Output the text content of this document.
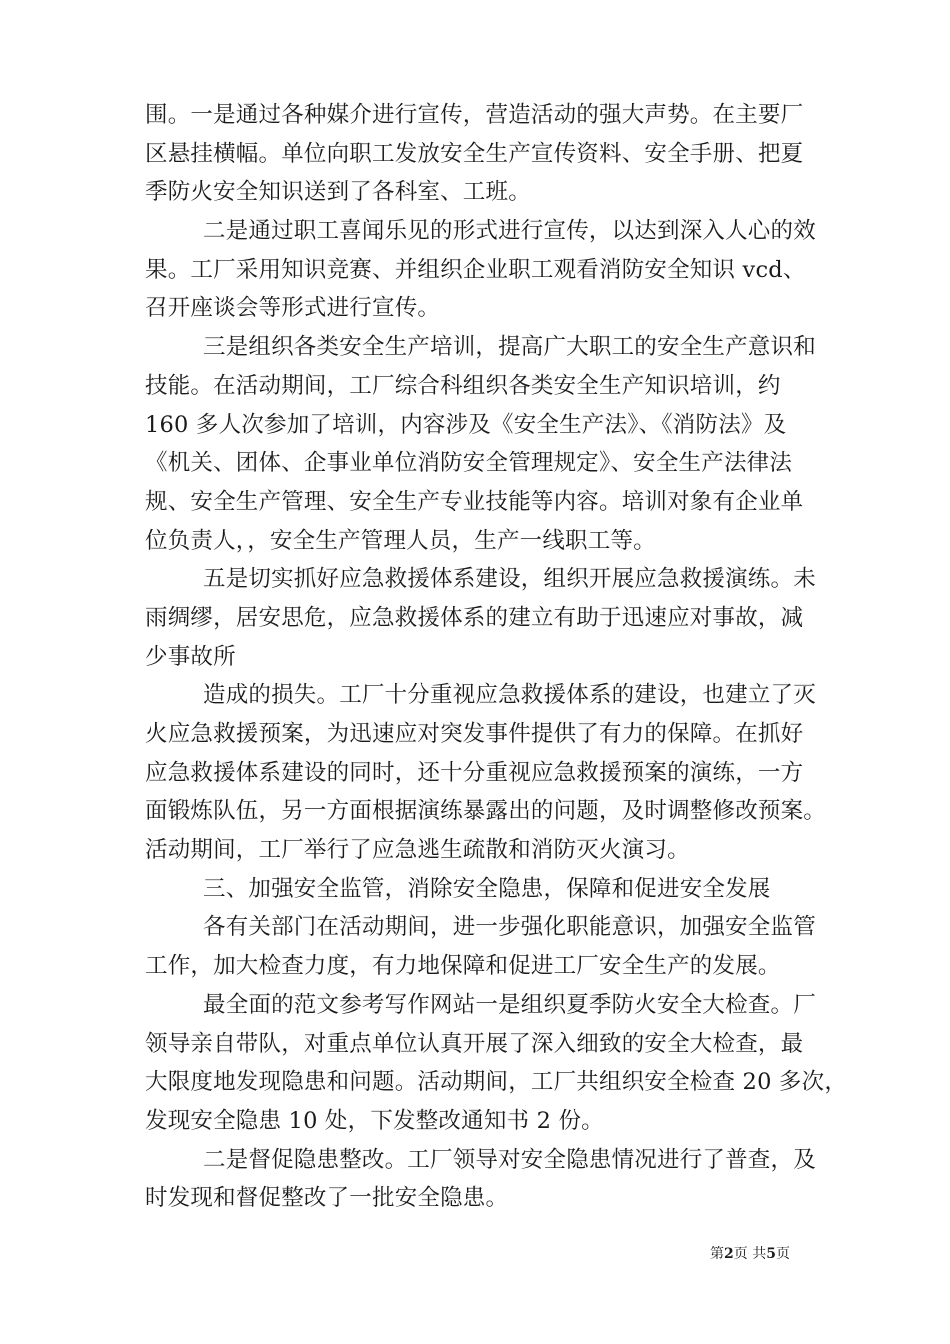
围。一是通过各种媒介进行宣传，营造活动的强大声势。在主要厂
区悬挂横幅。单位向职工发放安全生产宣传资料、安全手册、把夏
季防火安全知识送到了各科室、工班。
二是通过职工喜闻乐见的形式进行宣传，以达到深入人心的效
果。工厂采用知识竞赛、并组织企业职工观看消防安全知识 vcd、
召开座谈会等形式进行宣传。
三是组织各类安全生产培训，提高广大职工的安全生产意识和
技能。在活动期间，工厂综合科组织各类安全生产知识培训，约
160 多人次参加了培训，内容涉及《安全生产法》、《消防法》及
《机关、团体、企事业单位消防安全管理规定》、安全生产法律法
规、安全生产管理、安全生产专业技能等内容。培训对象有企业单
位负责人，，安全生产管理人员，生产一线职工等。
五是切实抓好应急救援体系建设，组织开展应急救援演练。未
雨绸缪，居安思危，应急救援体系的建立有助于迅速应对事故，减
少事故所
造成的损失。工厂十分重视应急救援体系的建设，也建立了灭
火应急救援预案，为迅速应对突发事件提供了有力的保障。在抓好
应急救援体系建设的同时，还十分重视应急救援预案的演练，一方
面锻炼队伍，另一方面根据演练暴露出的问题，及时调整修改预案。
活动期间，工厂举行了应急逃生疏散和消防灭火演习。
三、加强安全监管，消除安全隐患，保障和促进安全发展
各有关部门在活动期间，进一步强化职能意识，加强安全监管
工作，加大检查力度，有力地保障和促进工厂安全生产的发展。
最全面的范文参考写作网站一是组织夏季防火安全大检查。厂
领导亲自带队，对重点单位认真开展了深入细致的安全大检查，最
大限度地发现隐患和问题。活动期间，工厂共组织安全检查 20 多次，
发现安全隐患 10 处，下发整改通知书 2 份。
二是督促隐患整改。工厂领导对安全隐患情况进行了普查，及
时发现和督促整改了一批安全隐患。
第2页 共5页
